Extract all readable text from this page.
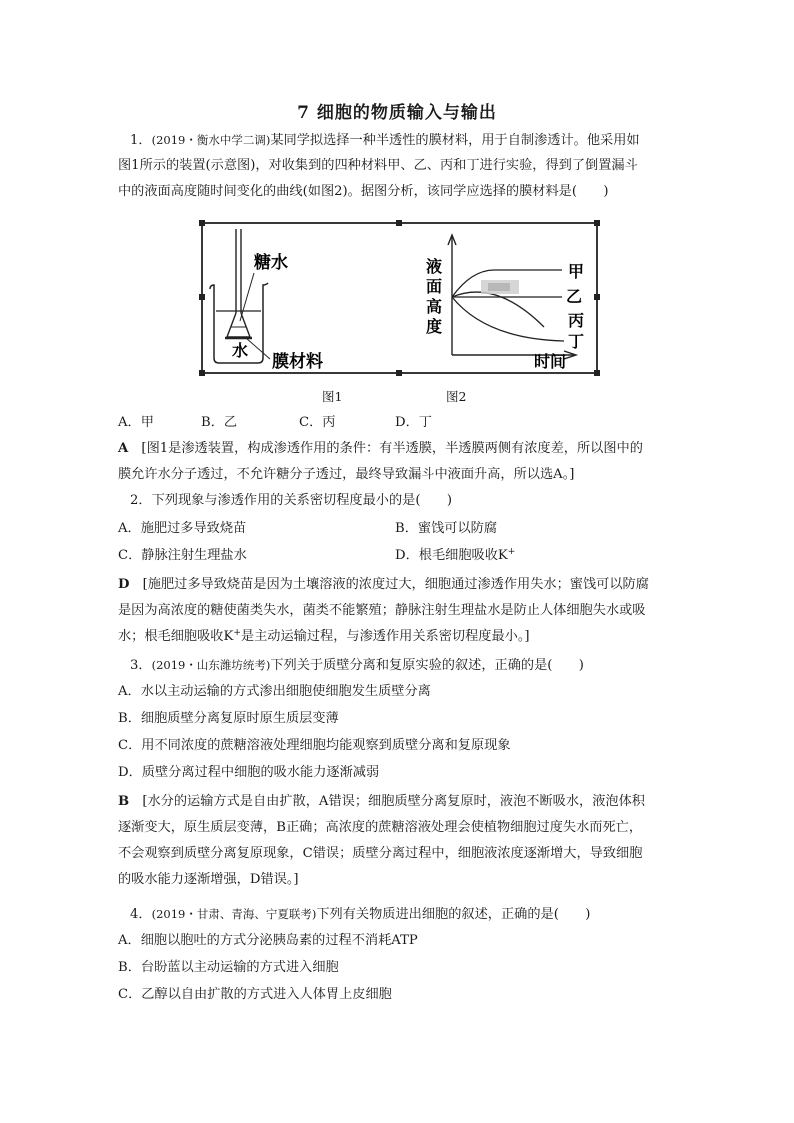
7 细胞的物质输入与输出
1．(2019・衡水中学二调)某同学拟选择一种半透性的膜材料，用于自制渗透计。他采用如
图1所示的装置(示意图)，对收集到的四种材料甲、乙、丙和丁进行实验，得到了倒置漏斗
中的液面高度随时间变化的曲线(如图2)。据图分析，该同学应选择的膜材料是(　　)
糖水
水
膜材料
液
面
高
度
时间
甲
乙
丙
丁
图1	图2
A．甲	B．乙	C．丙	D．丁
A　[图1是渗透装置，构成渗透作用的条件：有半透膜，半透膜两侧有浓度差，所以图中的
膜允许水分子透过，不允许糖分子透过，最终导致漏斗中液面升高，所以选A。]
2．下列现象与渗透作用的关系密切程度最小的是(　　)
A．施肥过多导致烧苗	B．蜜饯可以防腐
C．静脉注射生理盐水	D．根毛细胞吸收K+
D　[施肥过多导致烧苗是因为土壤溶液的浓度过大，细胞通过渗透作用失水；蜜饯可以防腐
是因为高浓度的糖使菌类失水，菌类不能繁殖；静脉注射生理盐水是防止人体细胞失水或吸
水；根毛细胞吸收K+是主动运输过程，与渗透作用关系密切程度最小。]
3．(2019・山东潍坊统考)下列关于质壁分离和复原实验的叙述，正确的是(　　)
A．水以主动运输的方式渗出细胞使细胞发生质壁分离
B．细胞质壁分离复原时原生质层变薄
C．用不同浓度的蔗糖溶液处理细胞均能观察到质壁分离和复原现象
D．质壁分离过程中细胞的吸水能力逐渐减弱
B　[水分的运输方式是自由扩散，A错误；细胞质壁分离复原时，液泡不断吸水，液泡体积
逐渐变大，原生质层变薄，B正确；高浓度的蔗糖溶液处理会使植物细胞过度失水而死亡，
不会观察到质壁分离复原现象，C错误；质壁分离过程中，细胞液浓度逐渐增大，导致细胞
的吸水能力逐渐增强，D错误。]
4．(2019・甘肃、青海、宁夏联考)下列有关物质进出细胞的叙述，正确的是(　　)
A．细胞以胞吐的方式分泌胰岛素的过程不消耗ATP
B．台盼蓝以主动运输的方式进入细胞
C．乙醇以自由扩散的方式进入人体胃上皮细胞
